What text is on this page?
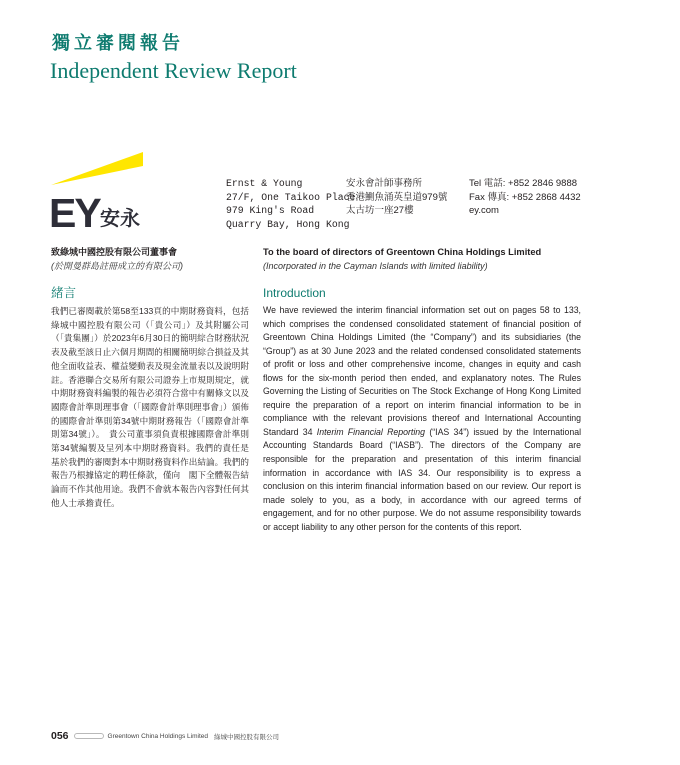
獨立審閱報告
Independent Review Report
EY 安永
Ernst & Young
27/F, One Taikoo Place
979 King's Road
Quarry Bay, Hong Kong
安永會計師事務所
香港鰂魚涌英皇道979號
太古坊一座27樓
Tel 電話: +852 2846 9888
Fax 傳真: +852 2868 4432
ey.com
致綠城中國控股有限公司董事會
(於開曼群島註冊成立的有限公司)
To the board of directors of Greentown China Holdings Limited
(Incorporated in the Cayman Islands with limited liability)
緒言	Introduction

我們已審閱載於第58至133頁的中期財務資料，包括綠城中國控股有限公司（「貴公司」）及其附屬公司（「貴集團」）於2023年6月30日的簡明綜合財務狀況表及截至該日止六個月期間的相關簡明綜合損益及其他全面收益表、權益變動表及現金流量表以及說明附註。香港聯合交易所有限公司證券上市規則規定，就中期財務資料編製的報告必須符合當中有關條文以及國際會計準則理事會（「國際會計準則理事會」）頒佈的國際會計準則第34號中期財務報告（「國際會計準則第34號」）。　貴公司董事須負責根據國際會計準則第34號編製及呈列本中期財務資料。我們的責任是基於我們的審閱對本中期財務資料作出結論。我們的報告乃根據協定的聘任條款，僅向　閣下全體報告結論而不作其他用途。我們不會就本報告內容對任何其他人士承擔責任。

We have reviewed the interim financial information set out on pages 58 to 133, which comprises the condensed consolidated statement of financial position of Greentown China Holdings Limited (the “Company”) and its subsidiaries (the “Group”) as at 30 June 2023 and the related condensed consolidated statements of profit or loss and other comprehensive income, changes in equity and cash flows for the six-month period then ended, and explanatory notes. The Rules Governing the Listing of Securities on The Stock Exchange of Hong Kong Limited require the preparation of a report on interim financial information to be in compliance with the relevant provisions thereof and International Accounting Standard 34 Interim Financial Reporting (“IAS 34”) issued by the International Accounting Standards Board (“IASB”). The directors of the Company are responsible for the preparation and presentation of this interim financial information in accordance with IAS 34. Our responsibility is to express a conclusion on this interim financial information based on our review. Our report is made solely to you, as a body, in accordance with our agreed terms of engagement, and for no other purpose. We do not assume responsibility towards or accept liability to any other person for the contents of this report.

056	Greentown China Holdings Limited 綠城中國控股有限公司
